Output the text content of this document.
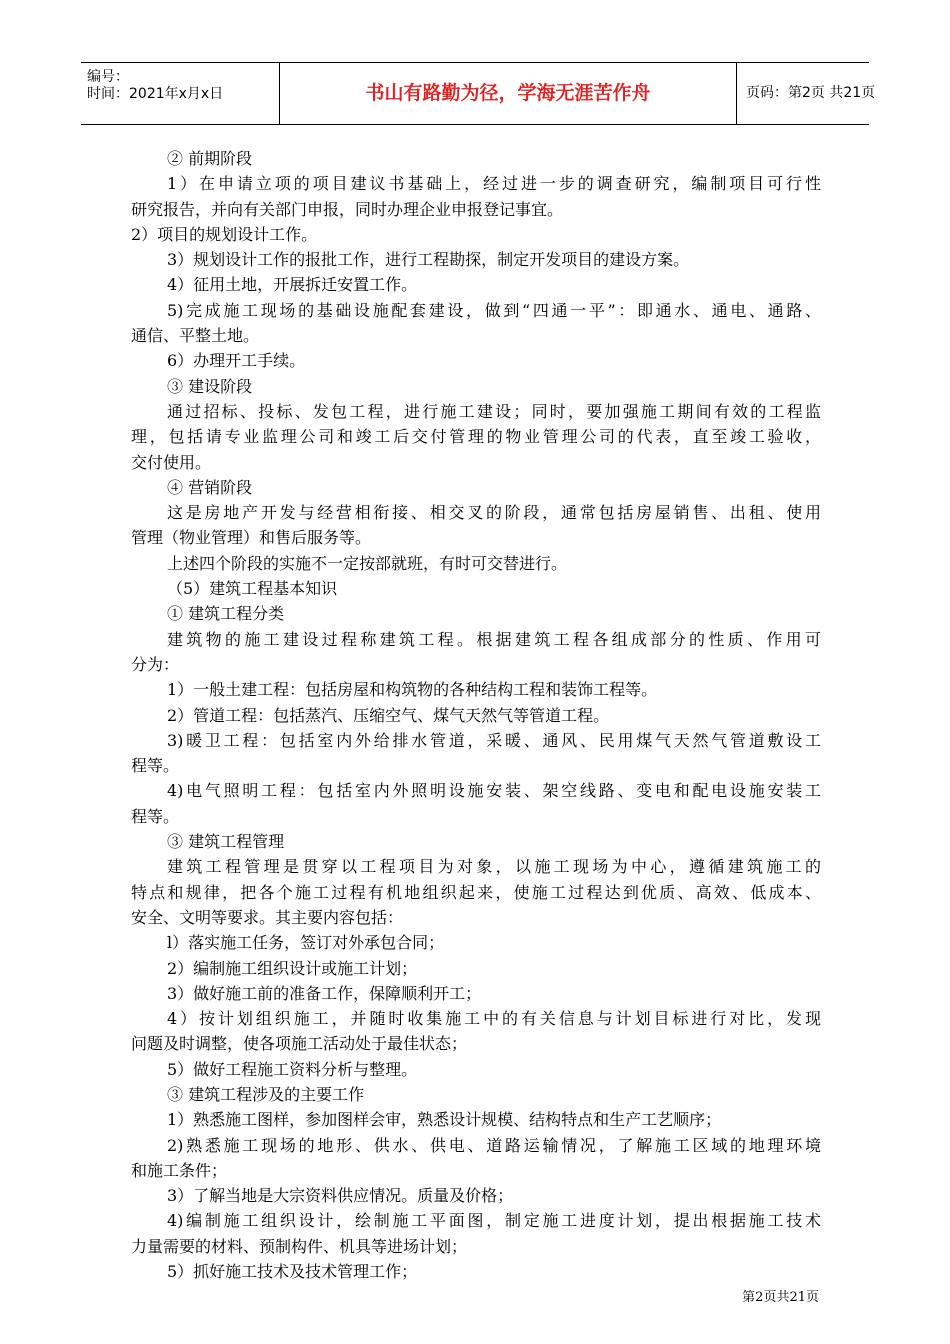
编号：
时间：2021年x月x日	书山有路勤为径，学海无涯苦作舟	页码：第2页 共21页
② 前期阶段
1）在申请立项的项目建议书基础上，经过进一步的调查研究，编制项目可行性
研究报告，并向有关部门申报，同时办理企业申报登记事宜。
2）项目的规划设计工作。
3）规划设计工作的报批工作，进行工程勘探，制定开发项目的建设方案。
4）征用土地，开展拆迁安置工作。
5)完成施工现场的基础设施配套建设，做到“四通一平”：即通水、通电、通路、
通信、平整土地。
6）办理开工手续。
③ 建设阶段
通过招标、投标、发包工程，进行施工建设；同时，要加强施工期间有效的工程监
理，包括请专业监理公司和竣工后交付管理的物业管理公司的代表，直至竣工验收，
交付使用。
④ 营销阶段
这是房地产开发与经营相衔接、相交叉的阶段，通常包括房屋销售、出租、使用
管理（物业管理）和售后服务等。
上述四个阶段的实施不一定按部就班，有时可交替进行。
（5）建筑工程基本知识
① 建筑工程分类
建筑物的施工建设过程称建筑工程。根据建筑工程各组成部分的性质、作用可
分为：
1）一般土建工程：包括房屋和构筑物的各种结构工程和装饰工程等。
2）管道工程：包括蒸汽、压缩空气、煤气天然气等管道工程。
3)暖卫工程：包括室内外给排水管道，采暖、通风、民用煤气天然气管道敷设工
程等。
4)电气照明工程：包括室内外照明设施安装、架空线路、变电和配电设施安装工
程等。
③ 建筑工程管理
建筑工程管理是贯穿以工程项目为对象，以施工现场为中心，遵循建筑施工的
特点和规律，把各个施工过程有机地组织起来，使施工过程达到优质、高效、低成本、
安全、文明等要求。其主要内容包括：
l）落实施工任务，签订对外承包合同；
2）编制施工组织设计或施工计划；
3）做好施工前的准备工作，保障顺利开工；
4）按计划组织施工，并随时收集施工中的有关信息与计划目标进行对比，发现
问题及时调整，使各项施工活动处于最佳状态；
5）做好工程施工资料分析与整理。
③ 建筑工程涉及的主要工作
1）熟悉施工图样，参加图样会审，熟悉设计规模、结构特点和生产工艺顺序；
2)熟悉施工现场的地形、供水、供电、道路运输情况，了解施工区域的地理环境
和施工条件；
3）了解当地是大宗资料供应情况。质量及价格；
4)编制施工组织设计，绘制施工平面图，制定施工进度计划，提出根据施工技术
力量需要的材料、预制构件、机具等进场计划；
5）抓好施工技术及技术管理工作；
第2页共21页
